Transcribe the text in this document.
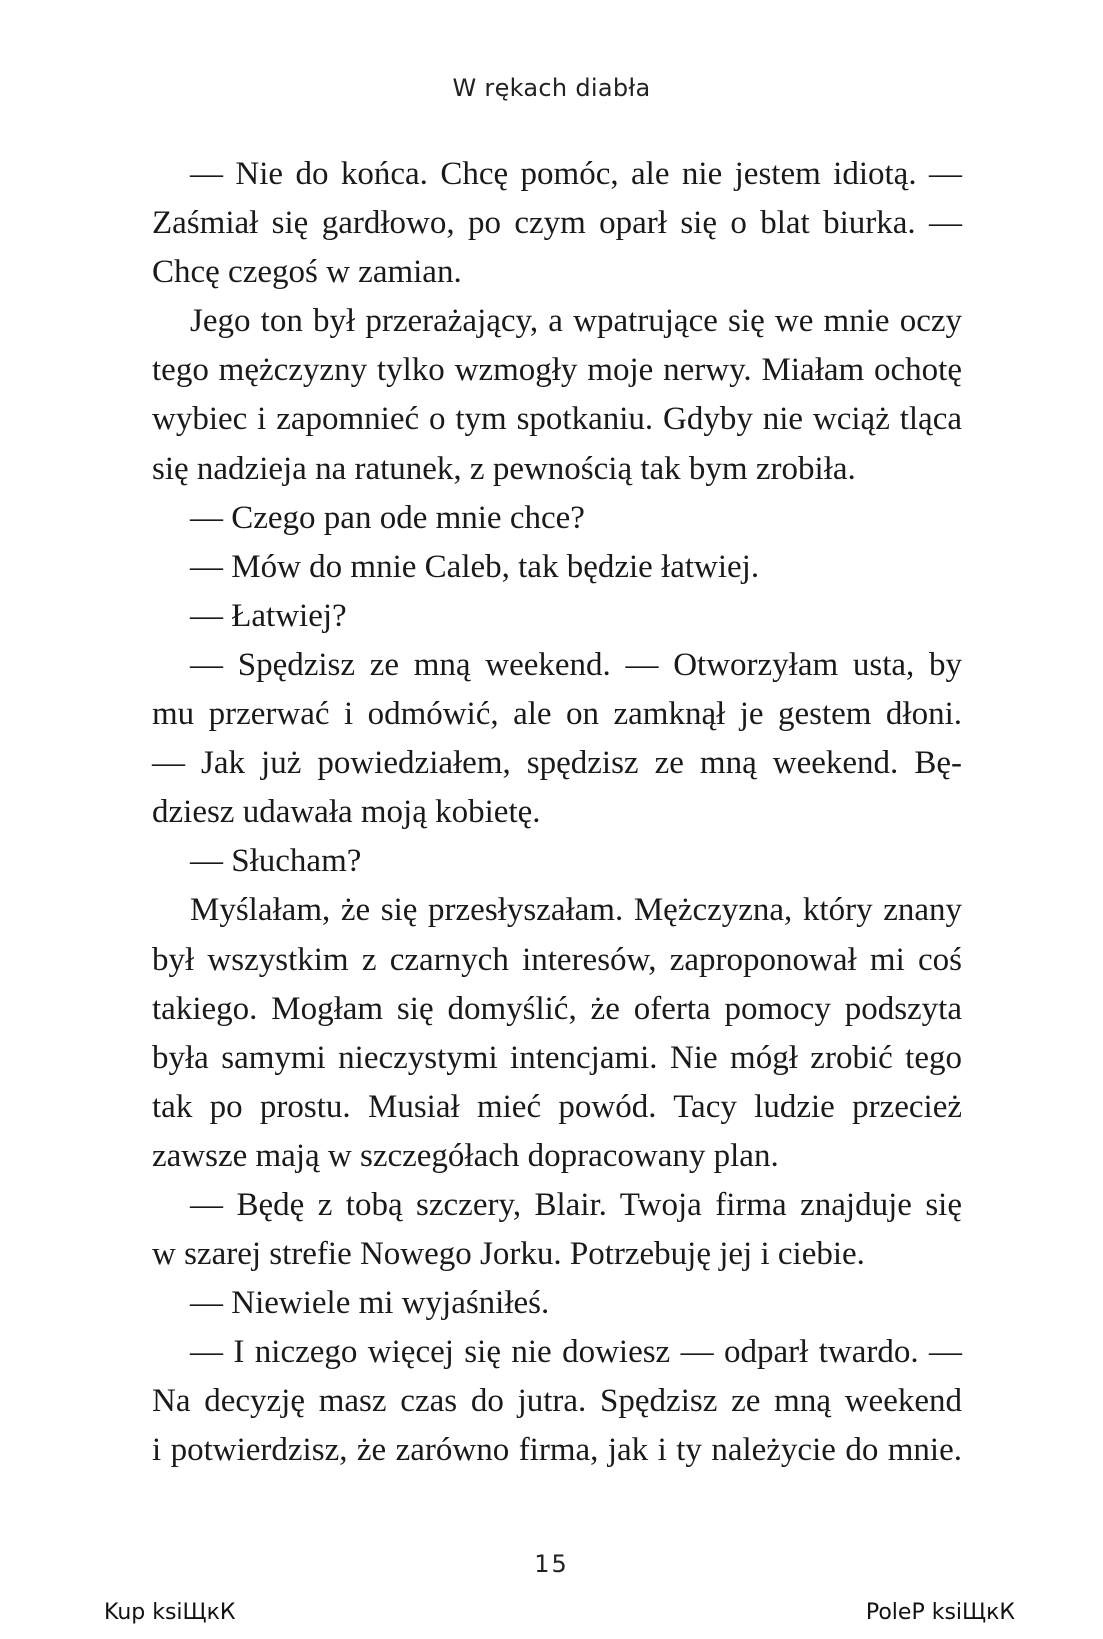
W rękach diabła

— Nie do końca. Chcę pomóc, ale nie jestem idiotą. —
Zaśmiał się gardłowo, po czym oparł się o blat biurka. —
Chcę czegoś w zamian.

Jego ton był przerażający, a wpatrujące się we mnie oczy
tego mężczyzny tylko wzmogły moje nerwy. Miałam ochotę
wybiec i zapomnieć o tym spotkaniu. Gdyby nie wciąż tląca
się nadzieja na ratunek, z pewnością tak bym zrobiła.

— Czego pan ode mnie chce?

— Mów do mnie Caleb, tak będzie łatwiej.

— Łatwiej?

— Spędzisz ze mną weekend. — Otworzyłam usta, by
mu przerwać i odmówić, ale on zamknął je gestem dłoni.
— Jak już powiedziałem, spędzisz ze mną weekend. Bę-
dziesz udawała moją kobietę.

— Słucham?

Myślałam, że się przesłyszałam. Mężczyzna, który znany
był wszystkim z czarnych interesów, zaproponował mi coś
takiego. Mogłam się domyślić, że oferta pomocy podszyta
była samymi nieczystymi intencjami. Nie mógł zrobić tego
tak po prostu. Musiał mieć powód. Tacy ludzie przecież
zawsze mają w szczegółach dopracowany plan.

— Będę z tobą szczery, Blair. Twoja firma znajduje się
w szarej strefie Nowego Jorku. Potrzebuję jej i ciebie.

— Niewiele mi wyjaśniłeś.

— I niczego więcej się nie dowiesz — odparł twardo. —
Na decyzję masz czas do jutra. Spędzisz ze mną weekend
i potwierdzisz, że zarówno firma, jak i ty należycie do mnie.

15
Kup ksiЩкК	PoleР ksiЩкК
